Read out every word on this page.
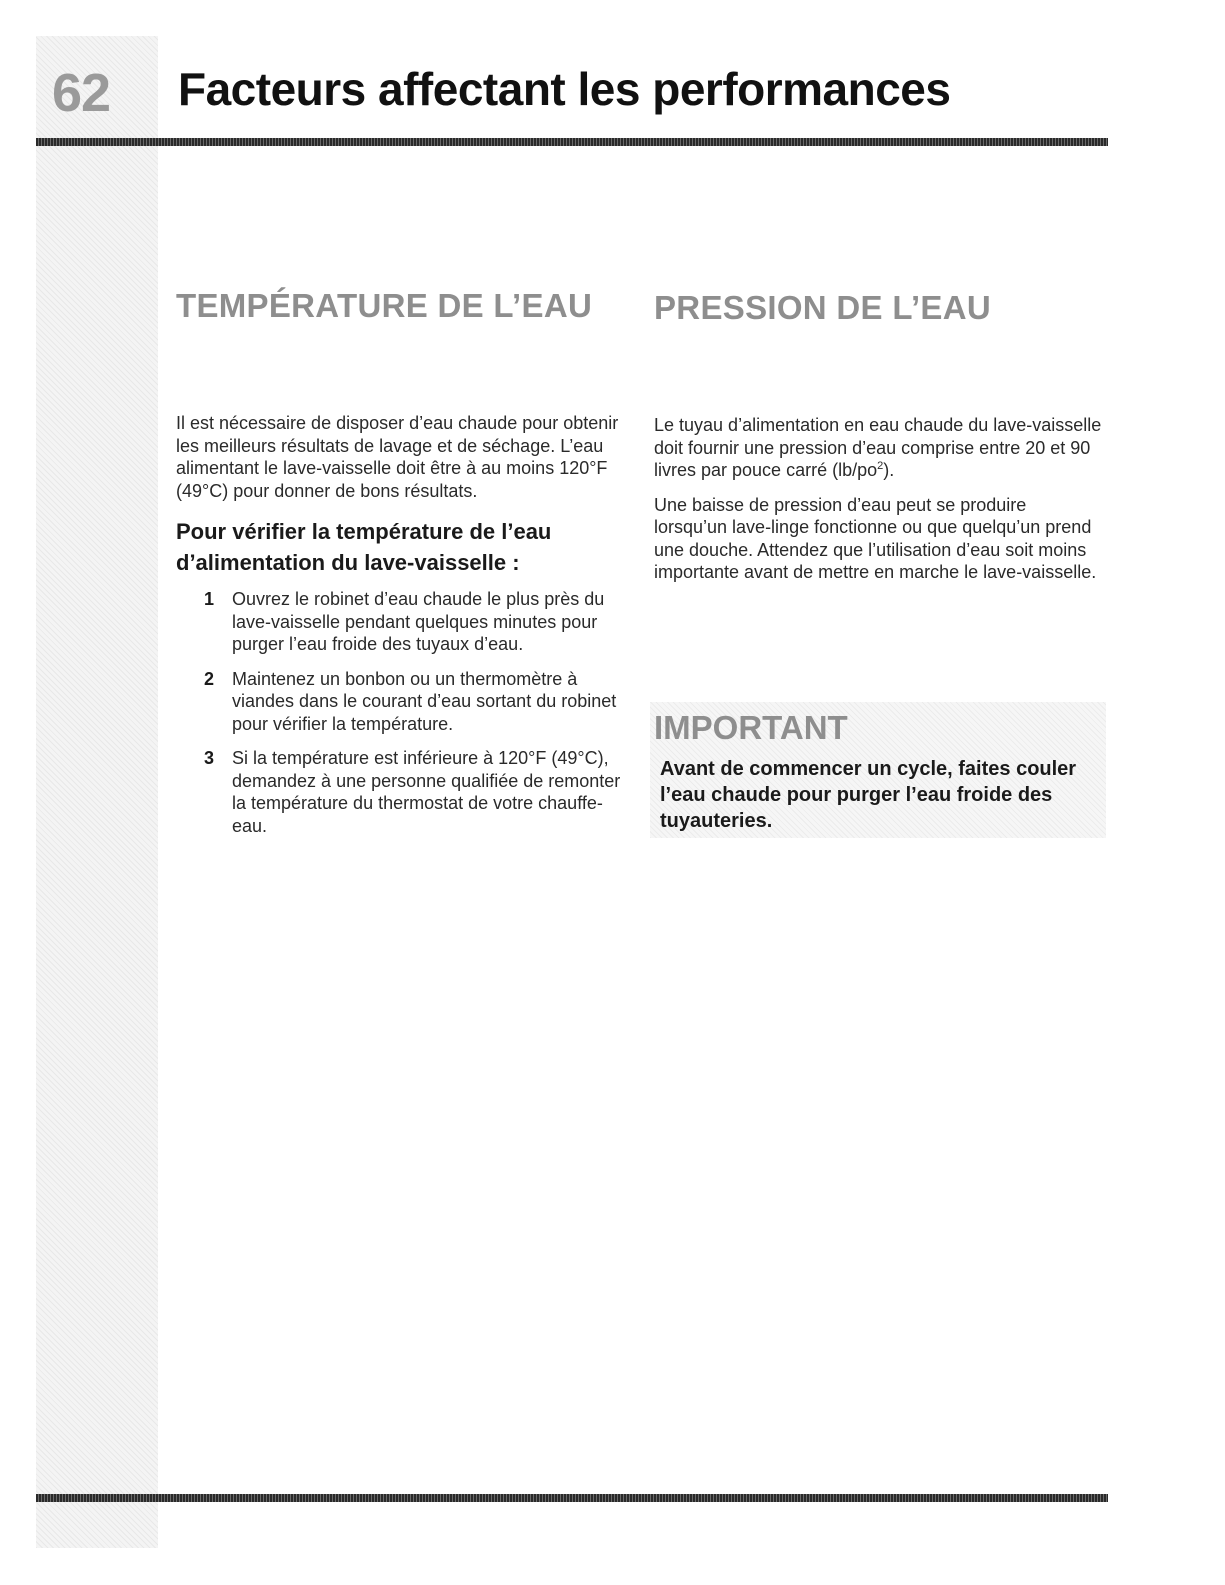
62 Facteurs affectant les performances
TEMPÉRATURE DE L’EAU

Il est nécessaire de disposer d’eau chaude pour obtenir les meilleurs résultats de lavage et de séchage. L’eau alimentant le lave-vaisselle doit être à au moins 120°F (49°C) pour donner de bons résultats.

Pour vérifier la température de l’eau d’alimentation du lave-vaisselle :
1 Ouvrez le robinet d’eau chaude le plus près du lave-vaisselle pendant quelques minutes pour purger l’eau froide des tuyaux d’eau.
2 Maintenez un bonbon ou un thermomètre à viandes dans le courant d’eau sortant du robinet pour vérifier la température.
3 Si la température est inférieure à 120°F (49°C), demandez à une personne qualifiée de remonter la température du thermostat de votre chauffe-eau.
PRESSION DE L’EAU

Le tuyau d’alimentation en eau chaude du lave-vaisselle doit fournir une pression d’eau comprise entre 20 et 90 livres par pouce carré $(lb/po^2)$.

Une baisse de pression d’eau peut se produire lorsqu’un lave-linge fonctionne ou que quelqu’un prend une douche. Attendez que l’utilisation d’eau soit moins importante avant de mettre en marche le lave-vaisselle.

IMPORTANT

Avant de commencer un cycle, faites couler l’eau chaude pour purger l’eau froide des tuyauteries.
